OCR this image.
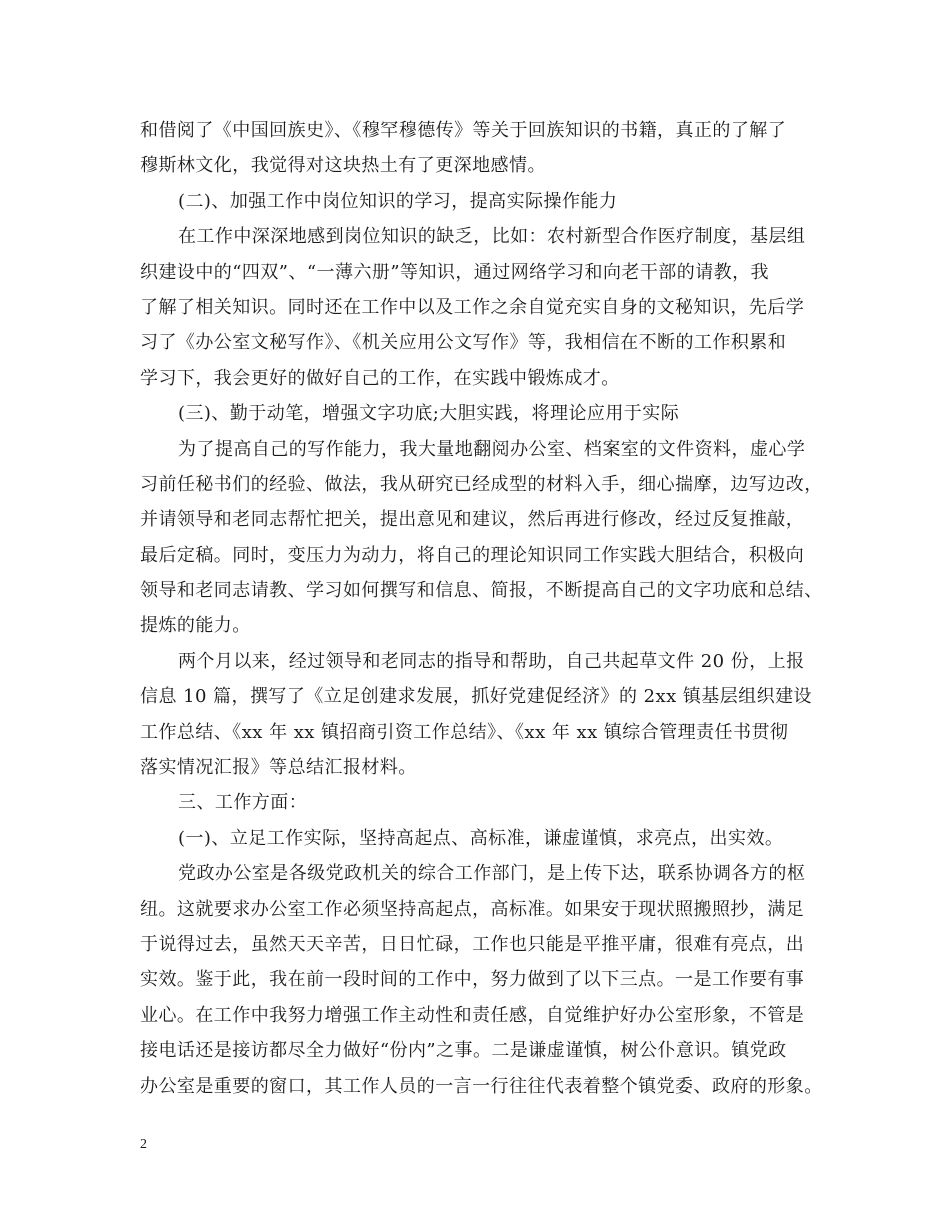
和借阅了《中国回族史》、《穆罕穆德传》等关于回族知识的书籍，真正的了解了
穆斯林文化，我觉得对这块热土有了更深地感情。
(二)、加强工作中岗位知识的学习，提高实际操作能力
在工作中深深地感到岗位知识的缺乏，比如：农村新型合作医疗制度，基层组
织建设中的“四双”、“一薄六册”等知识，通过网络学习和向老干部的请教，我
了解了相关知识。同时还在工作中以及工作之余自觉充实自身的文秘知识，先后学
习了《办公室文秘写作》、《机关应用公文写作》等，我相信在不断的工作积累和
学习下，我会更好的做好自己的工作，在实践中锻炼成才。
(三)、勤于动笔，增强文字功底;大胆实践，将理论应用于实际
为了提高自己的写作能力，我大量地翻阅办公室、档案室的文件资料，虚心学
习前任秘书们的经验、做法，我从研究已经成型的材料入手，细心揣摩，边写边改，
并请领导和老同志帮忙把关，提出意见和建议，然后再进行修改，经过反复推敲，
最后定稿。同时，变压力为动力，将自己的理论知识同工作实践大胆结合，积极向
领导和老同志请教、学习如何撰写和信息、简报，不断提高自己的文字功底和总结、
提炼的能力。
两个月以来，经过领导和老同志的指导和帮助，自己共起草文件 20 份，上报
信息 10 篇，撰写了《立足创建求发展，抓好党建促经济》的 2xx 镇基层组织建设
工作总结、《xx 年 xx 镇招商引资工作总结》、《xx 年 xx 镇综合管理责任书贯彻
落实情况汇报》等总结汇报材料。
三、工作方面：
(一)、立足工作实际，坚持高起点、高标准，谦虚谨慎，求亮点，出实效。
党政办公室是各级党政机关的综合工作部门，是上传下达，联系协调各方的枢
纽。这就要求办公室工作必须坚持高起点，高标准。如果安于现状照搬照抄，满足
于说得过去，虽然天天辛苦，日日忙碌，工作也只能是平推平庸，很难有亮点，出
实效。鉴于此，我在前一段时间的工作中，努力做到了以下三点。一是工作要有事
业心。在工作中我努力增强工作主动性和责任感，自觉维护好办公室形象，不管是
接电话还是接访都尽全力做好“份内”之事。二是谦虚谨慎，树公仆意识。镇党政
办公室是重要的窗口，其工作人员的一言一行往往代表着整个镇党委、政府的形象。
2
